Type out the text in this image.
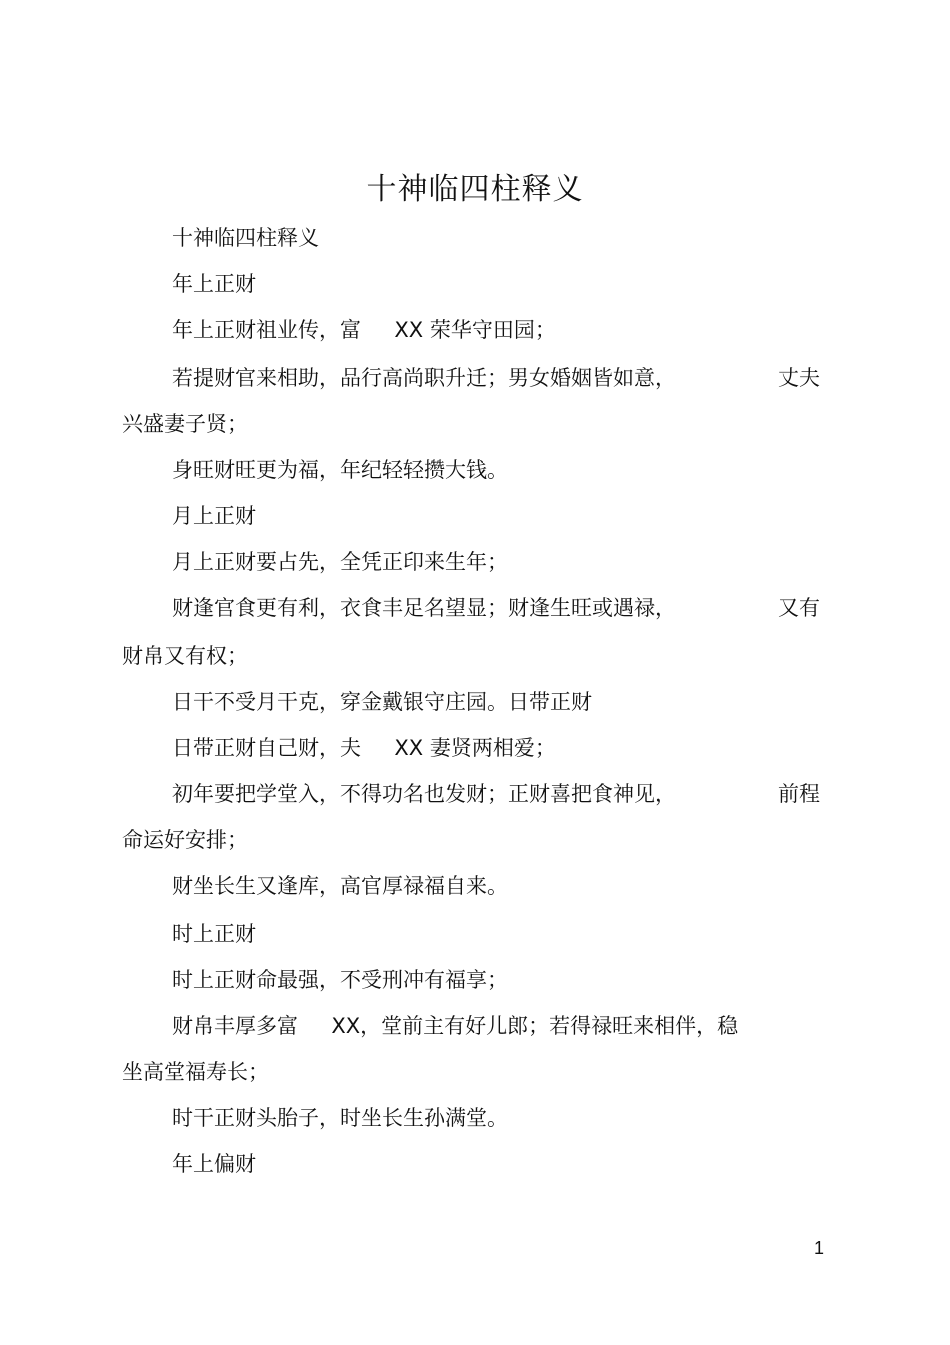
十神临四柱释义
十神临四柱释义
年上正财
年上正财祖业传，富     XX 荣华守田园；
若提财官来相助，品行高尚职升迁；男女婚姻皆如意，	丈夫
兴盛妻子贤；
身旺财旺更为福，年纪轻轻攒大钱。
月上正财
月上正财要占先，全凭正印来生年；
财逢官食更有利，衣食丰足名望显；财逢生旺或遇禄，	又有
财帛又有权；
日干不受月干克，穿金戴银守庄园。日带正财
日带正财自己财，夫     XX 妻贤两相爱；
初年要把学堂入，不得功名也发财；正财喜把食神见，	前程
命运好安排；
财坐长生又逢库，高官厚禄福自来。
时上正财
时上正财命最强，不受刑冲有福享；
财帛丰厚多富     XX，堂前主有好儿郎；若得禄旺来相伴，稳
坐高堂福寿长；
时干正财头胎子，时坐长生孙满堂。
年上偏财
1
